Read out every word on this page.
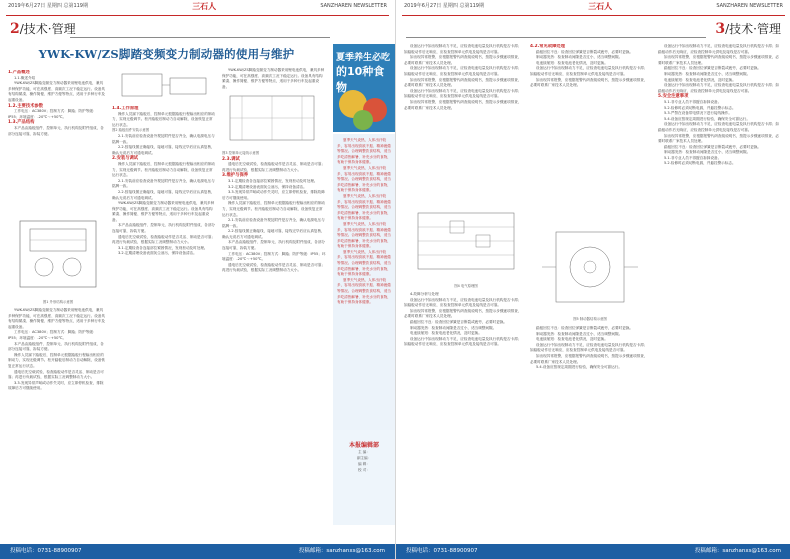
2019年6月27日 星期四 总第119期	三石人	SANZHAREN NEWSLETTER
2/技术·管理
YWK-KW/ZS脚踏变频变力制动器的使用与维护
1.产品概述

1.1.概述介绍

YWK-KW/ZS脚踏变频变力制动器采用锂电池供电，兼具多种保护功能，可在高强度、高频次工况下稳定运行。设备具有结构紧凑、操作简便、维护方便等特点，适用于多种行车及起重设备。

1.2.主要技术参数

工作电压：AC380V；控制方式：脚踏；防护等级：IP55；环境温度：-20℃～+50℃。

1.3.产品结构

本产品由踏板组件、控制单元、执行机构及附件组成，各部分连接可靠，拆装方便。

图1 外形结构示意图

YWK-KW/ZS脚踏变频变力制动器采用锂电池供电，兼具多种保护功能，可在高强度、高频次工况下稳定运行。设备具有结构紧凑、操作简便、维护方便等特点，适用于多种行车及起重设备。

工作电压：AC380V；控制方式：脚踏；防护等级：IP55；环境温度：-20℃～+50℃。

本产品由踏板组件、控制单元、执行机构及附件组成，各部分连接可靠，拆装方便。

操作人员踩下踏板后，控制单元根据踏板行程输出相应的制动力，实现无级调节。松开踏板后制动力自动解除，设备恢复正常运行状态。

通电后先空载试验，检查踏板动作是否灵活、制动是否可靠；再进行负载试验，根据实际工况调整制动力大小。

3.3.发现异常声响或动作失灵时，应立即停机检查，排除故障后方可继续使用。

1.4.工作原理

操作人员踩下踏板后，控制单元根据踏板行程输出相应的制动力，实现无级调节。松开踏板后制动力自动解除，设备恢复正常运行状态。

图2 踏板组件安装示意图

2.1.安装前应检查设备外观及附件是否齐全，确认电源电压与铭牌一致。

2.2.按接线图正确接线，接地可靠，接线完毕后应认真复核，确认无误后方可通电调试。

2.安装与调试

操作人员踩下踏板后，控制单元根据踏板行程输出相应的制动力，实现无级调节。松开踏板后制动力自动解除，设备恢复正常运行状态。

2.1.安装前应检查设备外观及附件是否齐全，确认电源电压与铭牌一致。

2.2.按接线图正确接线，接地可靠，接线完毕后应认真复核，确认无误后方可通电调试。

YWK-KW/ZS脚踏变频变力制动器采用锂电池供电，兼具多种保护功能，可在高强度、高频次工况下稳定运行。设备具有结构紧凑、操作简便、维护方便等特点，适用于多种行车及起重设备。

本产品由踏板组件、控制单元、执行机构及附件组成，各部分连接可靠，拆装方便。

通电后先空载试验，检查踏板动作是否灵活、制动是否可靠；再进行负载试验，根据实际工况调整制动力大小。

3.1.定期检查各连接部位紧固情况，发现松动及时处理。

3.2.定期清理设备表面灰尘油污，保持设备清洁。

YWK-KW/ZS脚踏变频变力制动器采用锂电池供电，兼具多种保护功能，可在高强度、高频次工况下稳定运行。设备具有结构紧凑、操作简便、维护方便等特点，适用于多种行车及起重设备。

图3 控制单元接线示意图
2.3.调试

通电后先空载试验，检查踏板动作是否灵活、制动是否可靠；再进行负载试验，根据实际工况调整制动力大小。

3.维护与保养

3.1.定期检查各连接部位紧固情况，发现松动及时处理。

3.2.定期清理设备表面灰尘油污，保持设备清洁。

3.3.发现异常声响或动作失灵时，应立即停机检查，排除故障后方可继续使用。

操作人员踩下踏板后，控制单元根据踏板行程输出相应的制动力，实现无级调节。松开踏板后制动力自动解除，设备恢复正常运行状态。

2.1.安装前应检查设备外观及附件是否齐全，确认电源电压与铭牌一致。

2.2.按接线图正确接线，接地可靠，接线完毕后应认真复核，确认无误后方可通电调试。

本产品由踏板组件、控制单元、执行机构及附件组成，各部分连接可靠，拆装方便。

工作电压：AC380V；控制方式：脚踏；防护等级：IP55；环境温度：-20℃～+50℃。

通电后先空载试验，检查踏板动作是否灵活、制动是否可靠；再进行负载试验，根据实际工况调整制动力大小。

夏季养生必吃
的10种食物

夏季天气炎热，人体出汗较多，容易出现食欲不振、精神疲倦等情况。合理调整饮食结构，适当多吃清热解暑、补充水分的食物，有助于保持身体健康。

夏季天气炎热，人体出汗较多，容易出现食欲不振、精神疲倦等情况。合理调整饮食结构，适当多吃清热解暑、补充水分的食物，有助于保持身体健康。

夏季天气炎热，人体出汗较多，容易出现食欲不振、精神疲倦等情况。合理调整饮食结构，适当多吃清热解暑、补充水分的食物，有助于保持身体健康。

夏季天气炎热，人体出汗较多，容易出现食欲不振、精神疲倦等情况。合理调整饮食结构，适当多吃清热解暑、补充水分的食物，有助于保持身体健康。

夏季天气炎热，人体出汗较多，容易出现食欲不振、精神疲倦等情况。合理调整饮食结构，适当多吃清热解暑、补充水分的食物，有助于保持身体健康。

夏季天气炎热，人体出汗较多，容易出现食欲不振、精神疲倦等情况。合理调整饮食结构，适当多吃清热解暑、补充水分的食物，有助于保持身体健康。

本报编辑部
主 编：
副主编：
编 辑：
校 对：
投稿电话：0731-88900907	投稿邮箱：sanzhanxs@163.com
2019年6月27日 星期四 总第119期	三石人	SANZHAREN NEWSLETTER
3/技术·管理

设备运行中如出现制动力不足，应检查电池电量及执行机构是否卡滞；如踏板动作后无响应，应检查控制单元供电及接线是否可靠。

如出现异常报警，应根据报警代码查阅说明书，按提示步骤逐项排查，必要时联系厂家技术人员处理。

设备运行中如出现制动力不足，应检查电池电量及执行机构是否卡滞；如踏板动作后无响应，应检查控制单元供电及接线是否可靠。

如出现异常报警，应根据报警代码查阅说明书，按提示步骤逐项排查，必要时联系厂家技术人员处理。

设备运行中如出现制动力不足，应检查电池电量及执行机构是否卡滞；如踏板动作后无响应，应检查控制单元供电及接线是否可靠。

如出现异常报警，应根据报警代码查阅说明书，按提示步骤逐项排查，必要时联系厂家技术人员处理。

图4 电气原理图

4.故障分析与处理

设备运行中如出现制动力不足，应检查电池电量及执行机构是否卡滞；如踏板动作后无响应，应检查控制单元供电及接线是否可靠。

如出现异常报警，应根据报警代码查阅说明书，按提示步骤逐项排查，必要时联系厂家技术人员处理。

踏板回位不良：检查回位弹簧是否断裂或疲劳，必要时更换。

制动器发热：检查制动间隙是否过小，适当调整间隙。

电池续航短：检查电池老化情况，及时更换。

设备运行中如出现制动力不足，应检查电池电量及执行机构是否卡滞；如踏板动作后无响应，应检查控制单元供电及接线是否可靠。

4.2.常见故障处理

踏板回位不良：检查回位弹簧是否断裂或疲劳，必要时更换。

制动器发热：检查制动间隙是否过小，适当调整间隙。

电池续航短：检查电池老化情况，及时更换。

设备运行中如出现制动力不足，应检查电池电量及执行机构是否卡滞；如踏板动作后无响应，应检查控制单元供电及接线是否可靠。

如出现异常报警，应根据报警代码查阅说明书，按提示步骤逐项排查，必要时联系厂家技术人员处理。

图5 制动器结构示意图

踏板回位不良：检查回位弹簧是否断裂或疲劳，必要时更换。

制动器发热：检查制动间隙是否过小，适当调整间隙。

电池续航短：检查电池老化情况，及时更换。

设备运行中如出现制动力不足，应检查电池电量及执行机构是否卡滞；如踏板动作后无响应，应检查控制单元供电及接线是否可靠。

如出现异常报警，应根据报警代码查阅说明书，按提示步骤逐项排查，必要时联系厂家技术人员处理。

5.4.设备应按规定周期进行检验，确保安全可靠运行。

设备运行中如出现制动力不足，应检查电池电量及执行机构是否卡滞；如踏板动作后无响应，应检查控制单元供电及接线是否可靠。

如出现异常报警，应根据报警代码查阅说明书，按提示步骤逐项排查，必要时联系厂家技术人员处理。

踏板回位不良：检查回位弹簧是否断裂或疲劳，必要时更换。

制动器发热：检查制动间隙是否过小，适当调整间隙。

电池续航短：检查电池老化情况，及时更换。

设备运行中如出现制动力不足，应检查电池电量及执行机构是否卡滞；如踏板动作后无响应，应检查控制单元供电及接线是否可靠。

5.安全注意事项

5.1.非专业人员不得擅自拆卸设备。

5.2.检修时必须切断电源，并悬挂警示标志。

5.3.严禁在设备带电情况下进行接线操作。

5.4.设备应按规定周期进行检验，确保安全可靠运行。

设备运行中如出现制动力不足，应检查电池电量及执行机构是否卡滞；如踏板动作后无响应，应检查控制单元供电及接线是否可靠。

如出现异常报警，应根据报警代码查阅说明书，按提示步骤逐项排查，必要时联系厂家技术人员处理。

踏板回位不良：检查回位弹簧是否断裂或疲劳，必要时更换。

制动器发热：检查制动间隙是否过小，适当调整间隙。

5.1.非专业人员不得擅自拆卸设备。

5.2.检修时必须切断电源，并悬挂警示标志。

投稿电话：0731-88900907	投稿邮箱：sanzhanxs@163.com
